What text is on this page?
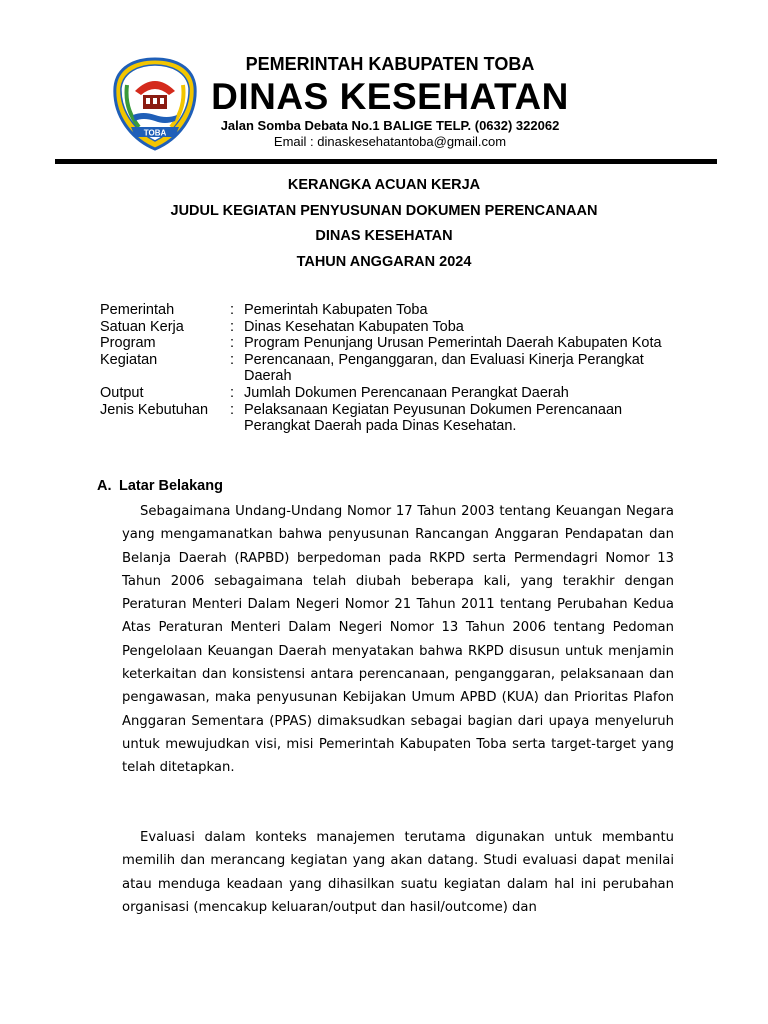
TOBA
PEMERINTAH KABUPATEN TOBA
DINAS KESEHATAN
Jalan Somba Debata No.1 BALIGE TELP. (0632) 322062
Email : dinaskesehatantoba@gmail.com
KERANGKA ACUAN KERJA
JUDUL KEGIATAN PENYUSUNAN DOKUMEN PERENCANAAN
DINAS KESEHATAN
TAHUN ANGGARAN 2024
Pemerintah	: Pemerintah Kabupaten Toba
Satuan Kerja	: Dinas Kesehatan Kabupaten Toba
Program	: Program Penunjang Urusan Pemerintah Daerah Kabupaten Kota
Kegiatan	: Perencanaan, Penganggaran, dan Evaluasi Kinerja Perangkat Daerah
Output	: Jumlah Dokumen Perencanaan Perangkat Daerah
Jenis Kebutuhan	: Pelaksanaan Kegiatan Peyusunan Dokumen Perencanaan Perangkat Daerah pada Dinas Kesehatan.
A. Latar Belakang

Sebagaimana Undang-Undang Nomor 17 Tahun 2003 tentang Keuangan Negara yang mengamanatkan bahwa penyusunan Rancangan Anggaran Pendapatan dan Belanja Daerah (RAPBD) berpedoman pada RKPD serta Permendagri Nomor 13 Tahun 2006 sebagaimana telah diubah beberapa kali, yang terakhir dengan Peraturan Menteri Dalam Negeri Nomor 21 Tahun 2011 tentang Perubahan Kedua Atas Peraturan Menteri Dalam Negeri Nomor 13 Tahun 2006 tentang Pedoman Pengelolaan Keuangan Daerah menyatakan bahwa RKPD disusun untuk menjamin keterkaitan dan konsistensi antara perencanaan, penganggaran, pelaksanaan dan pengawasan, maka penyusunan Kebijakan Umum APBD (KUA) dan Prioritas Plafon Anggaran Sementara (PPAS) dimaksudkan sebagai bagian dari upaya menyeluruh untuk mewujudkan visi, misi Pemerintah Kabupaten Toba serta target-target yang telah ditetapkan.

Evaluasi dalam konteks manajemen terutama digunakan untuk membantu memilih dan merancang kegiatan yang akan datang. Studi evaluasi dapat menilai atau menduga keadaan yang dihasilkan suatu kegiatan dalam hal ini perubahan organisasi (mencakup keluaran/output dan hasil/outcome) dan
